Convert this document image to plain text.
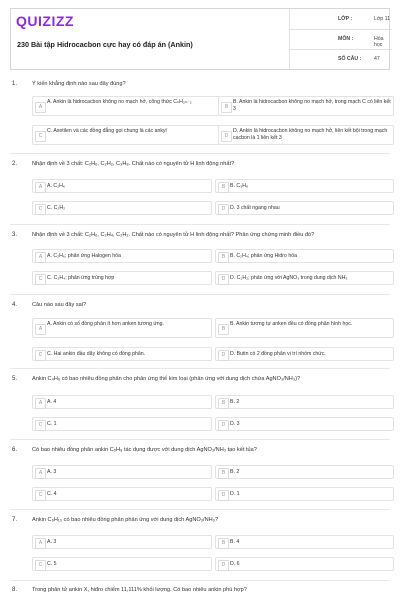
QUIZIZZ
230 Bài tập Hidrocacbon cực hay có đáp án (Ankin)
LỚP :	Lớp 11
MÔN :	Hóa học
SỐ CÂU : 47
1.	Ý kiến khẳng định nào sau đây đúng?
A
A. Ankin là hidrocacbon không no mạch hở, công thức CₙH₂ₙ₋₂
B
B. Ankin là hidrocacbon không no mạch hở, trong mạch C có liên kết 3
C
C. Axetilen và các đồng đẳng gọi chung là các ankyl
D
D. Ankin là hidrocacbon không no mạch hở, liên kết bội trong mạch cacbon là 1 liên kết 3
2.	Nhận định về 3 chất: C₂H₆, C₂H₂, C₃H₈. Chất nào có nguyên tử H linh động nhất?
A A. C₂H₆	B B. C₃H₈
C C. C₂H₂	D D. 3 chất ngang nhau
3.	Nhận định về 3 chất: C₂H₆, C₂H₄, C₂H₂. Chất nào có nguyên tử H linh động nhất? Phản ứng chứng minh điều đó?
A A. C₂H₆; phản ứng Halogen hóa	B B. C₂H₄; phản ứng Hidro hóa
C C. C₂H₄; phản ứng trùng hợp	D D. C₂H₂; phản ứng với AgNO₃ trong dung dịch NH₃
4.	Câu nào sau đây sai?
A
A. Ankin có số đồng phân ít hơn anken tương ứng.
B
B. Ankin tương tự anken đều có đồng phân hình học.
C C. Hai ankin đầu dãy không có đồng phân.	D D. Butin có 2 đồng phân vị trí nhóm chức.
5.	Ankin C₄H₆ có bao nhiêu đồng phân cho phản ứng thế kim loại (phản ứng với dung dịch chứa AgNO₃/NH₃)?
A A. 4	B B. 2
C C. 1	D D. 3
6.	Có bao nhiêu đồng phân ankin C₅H₈ tác dụng được với dung dịch AgNO₃/NH₃ tạo kết tủa?
A A. 3	B B. 2
C C. 4	D D. 1
7.	Ankin C₆H₁₀ có bao nhiêu đồng phân phản ứng với dung dịch AgNO₃/NH₃?
A A. 3	B B. 4
C C. 5	D D. 6
8.	Trong phân tử ankin X, hiđro chiếm 11,111% khối lượng. Có bao nhiêu ankin phù hợp?
